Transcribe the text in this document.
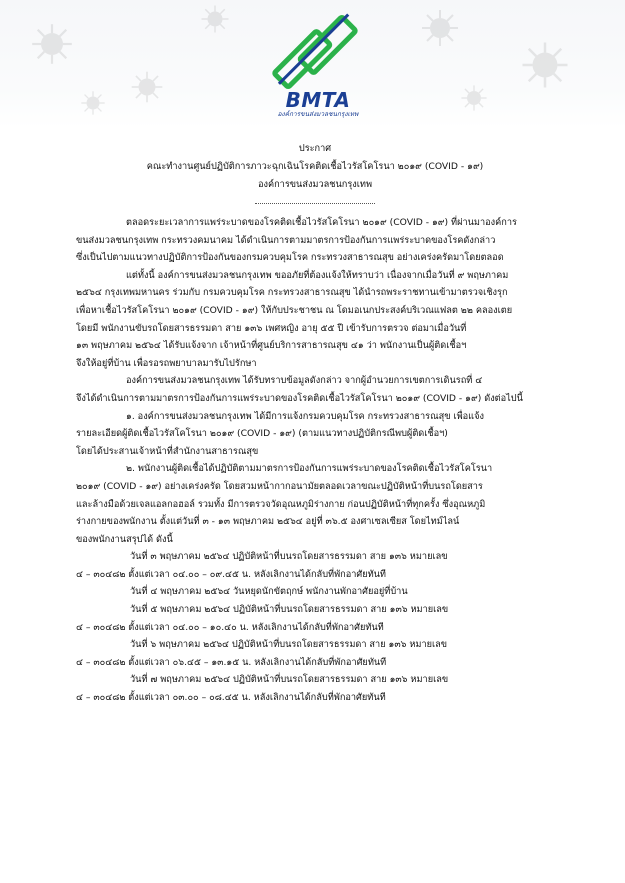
BMTA
องค์การขนส่งมวลชนกรุงเทพ
ประกาศ
คณะทำงานศูนย์ปฏิบัติการภาวะฉุกเฉินโรคติดเชื้อไวรัสโคโรนา ๒๐๑๙ (COVID - ๑๙)
องค์การขนส่งมวลชนกรุงเทพ
ตลอดระยะเวลาการแพร่ระบาดของโรคติดเชื้อไวรัสโคโรนา ๒๐๑๙ (COVID - ๑๙) ที่ผ่านมาองค์การ
ขนส่งมวลชนกรุงเทพ กระทรวงคมนาคม ได้ดำเนินการตามมาตรการป้องกันการแพร่ระบาดของโรคดังกล่าว
ซึ่งเป็นไปตามแนวทางปฏิบัติการป้องกันของกรมควบคุมโรค กระทรวงสาธารณสุข อย่างเคร่งครัดมาโดยตลอด
แต่ทั้งนี้ องค์การขนส่งมวลชนกรุงเทพ ขออภัยที่ต้องแจ้งให้ทราบว่า เนื่องจากเมื่อวันที่ ๙ พฤษภาคม
๒๕๖๔ กรุงเทพมหานคร ร่วมกับ กรมควบคุมโรค กระทรวงสาธารณสุข ได้นำรถพระราชทานเข้ามาตรวจเชิงรุก
เพื่อหาเชื้อไวรัสโคโรนา ๒๐๑๙ (COVID - ๑๙) ให้กับประชาชน ณ โดมอเนกประสงค์บริเวณแฟลต ๒๒ คลองเตย
โดยมี พนักงานขับรถโดยสารธรรมดา สาย ๑๓๖ เพศหญิง อายุ ๕๕ ปี เข้ารับการตรวจ ต่อมาเมื่อวันที่
๑๓ พฤษภาคม ๒๕๖๔ ได้รับแจ้งจาก เจ้าหน้าที่ศูนย์บริการสาธารณสุข ๔๑ ว่า พนักงานเป็นผู้ติดเชื้อฯ
จึงให้อยู่ที่บ้าน เพื่อรอรถพยาบาลมารับไปรักษา
องค์การขนส่งมวลชนกรุงเทพ ได้รับทราบข้อมูลดังกล่าว จากผู้อำนวยการเขตการเดินรถที่ ๔
จึงได้ดำเนินการตามมาตรการป้องกันการแพร่ระบาดของโรคติดเชื้อไวรัสโคโรนา ๒๐๑๙ (COVID - ๑๙) ดังต่อไปนี้
๑. องค์การขนส่งมวลชนกรุงเทพ ได้มีการแจ้งกรมควบคุมโรค กระทรวงสาธารณสุข เพื่อแจ้ง
รายละเอียดผู้ติดเชื้อไวรัสโคโรนา ๒๐๑๙ (COVID - ๑๙) (ตามแนวทางปฏิบัติกรณีพบผู้ติดเชื้อฯ)
โดยได้ประสานเจ้าหน้าที่สำนักงานสาธารณสุข
๒. พนักงานผู้ติดเชื้อได้ปฏิบัติตามมาตรการป้องกันการแพร่ระบาดของโรคติดเชื้อไวรัสโคโรนา
๒๐๑๙ (COVID - ๑๙) อย่างเคร่งครัด โดยสวมหน้ากากอนามัยตลอดเวลาขณะปฏิบัติหน้าที่บนรถโดยสาร
และล้างมือด้วยเจลแอลกอฮอล์ รวมทั้ง มีการตรวจวัดอุณหภูมิร่างกาย ก่อนปฏิบัติหน้าที่ทุกครั้ง ซึ่งอุณหภูมิ
ร่างกายของพนักงาน ตั้งแต่วันที่ ๓ - ๑๓ พฤษภาคม ๒๕๖๔ อยู่ที่ ๓๖.๕ องศาเซลเซียส โดยไทม์ไลน์
ของพนักงานสรุปได้ ดังนี้
วันที่ ๓ พฤษภาคม ๒๕๖๔ ปฏิบัติหน้าที่บนรถโดยสารธรรมดา สาย ๑๓๖ หมายเลข
๔ – ๓๐๔๘๒ ตั้งแต่เวลา ๐๔.๐๐ – ๐๙.๔๕ น. หลังเลิกงานได้กลับที่พักอาศัยทันที
วันที่ ๔ พฤษภาคม ๒๕๖๔ วันหยุดนักขัตฤกษ์ พนักงานพักอาศัยอยู่ที่บ้าน
วันที่ ๕ พฤษภาคม ๒๕๖๔ ปฏิบัติหน้าที่บนรถโดยสารธรรมดา สาย ๑๓๖ หมายเลข
๔ – ๓๐๔๘๒ ตั้งแต่เวลา ๐๔.๐๐ – ๑๐.๔๐ น. หลังเลิกงานได้กลับที่พักอาศัยทันที
วันที่ ๖ พฤษภาคม ๒๕๖๔ ปฏิบัติหน้าที่บนรถโดยสารธรรมดา สาย ๑๓๖ หมายเลข
๔ – ๓๐๔๘๒ ตั้งแต่เวลา ๐๖.๔๕ – ๑๓.๑๕ น. หลังเลิกงานได้กลับที่พักอาศัยทันที
วันที่ ๗ พฤษภาคม ๒๕๖๔ ปฏิบัติหน้าที่บนรถโดยสารธรรมดา สาย ๑๓๖ หมายเลข
๔ – ๓๐๔๘๒ ตั้งแต่เวลา ๐๓.๐๐ – ๐๘.๔๕ น. หลังเลิกงานได้กลับที่พักอาศัยทันที
